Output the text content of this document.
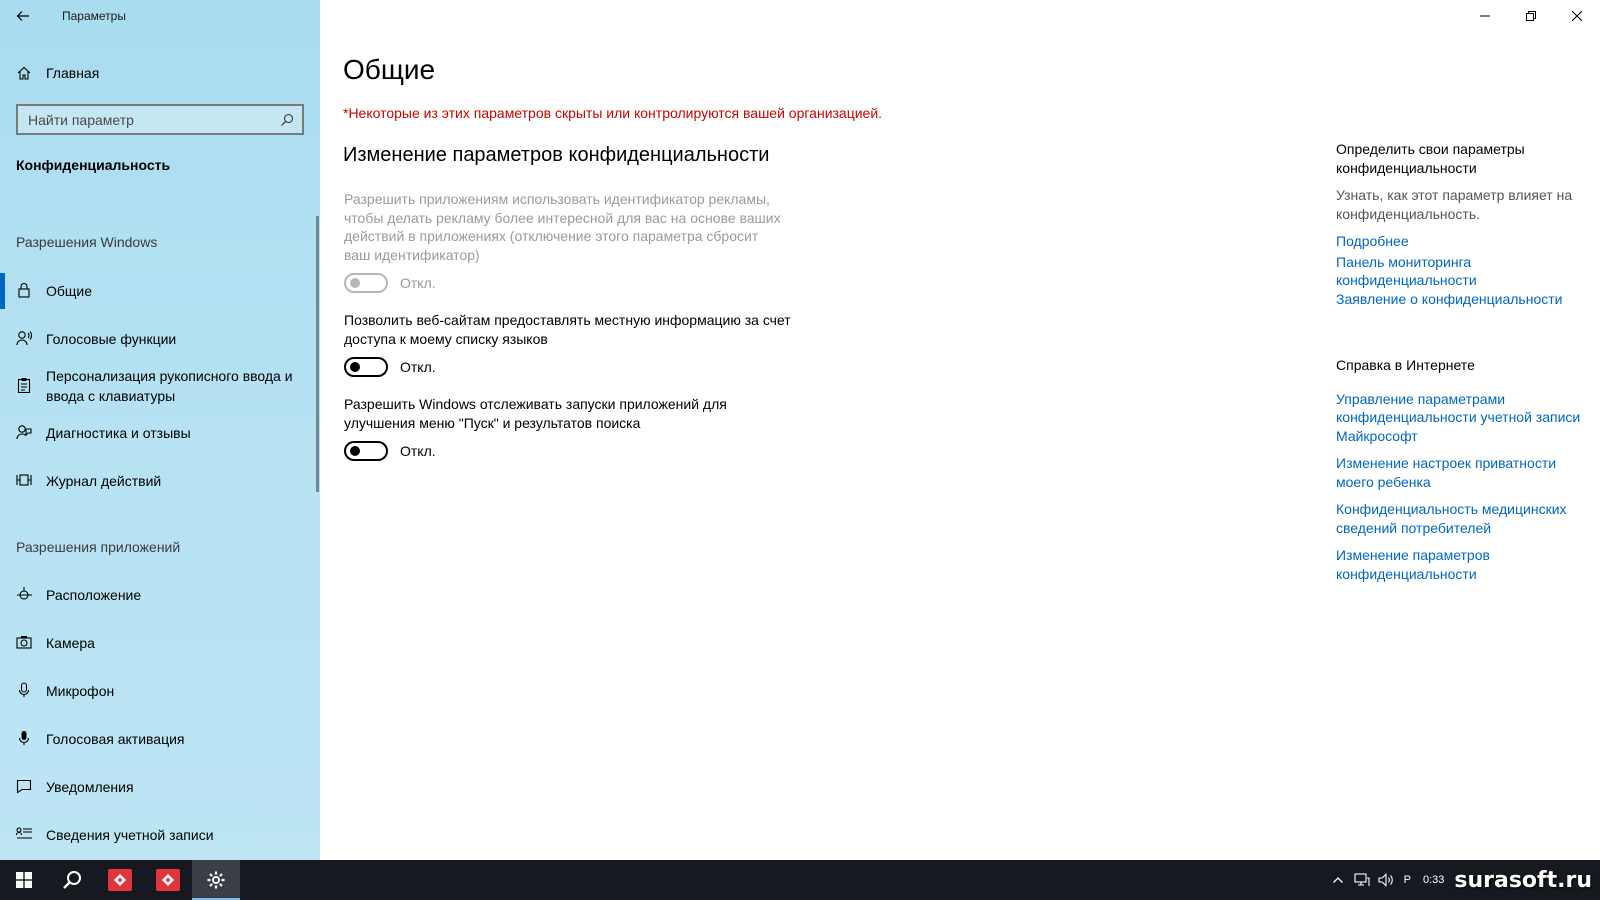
Параметры
Главная
Найти параметр
Конфиденциальность
Разрешения Windows
Общие
Голосовые функции
Персонализация рукописного ввода и ввода с клавиатуры
Диагностика и отзывы
Журнал действий
Разрешения приложений
Расположение
Камера
Микрофон
Голосовая активация
Уведомления
Сведения учетной записи
Общие
*Некоторые из этих параметров скрыты или контролируются вашей организацией.
Изменение параметров конфиденциальности
Разрешить приложениям использовать идентификатор рекламы, чтобы делать рекламу более интересной для вас на основе ваших действий в приложениях (отключение этого параметра сбросит ваш идентификатор)
Откл.
Позволить веб-сайтам предоставлять местную информацию за счет доступа к моему списку языков
Откл.
Разрешить Windows отслеживать запуски приложений для улучшения меню "Пуск" и результатов поиска
Откл.
Определить свои параметры конфиденциальности
Узнать, как этот параметр влияет на конфиденциальность.
Подробнее
Панель мониторинга конфиденциальности
Заявление о конфиденциальности
Справка в Интернете
Управление параметрами конфиденциальности учетной записи Майкрософт
Изменение настроек приватности моего ребенка
Конфиденциальность медицинских сведений потребителей
Изменение параметров конфиденциальности
Р 0:33 surasoft.ru
